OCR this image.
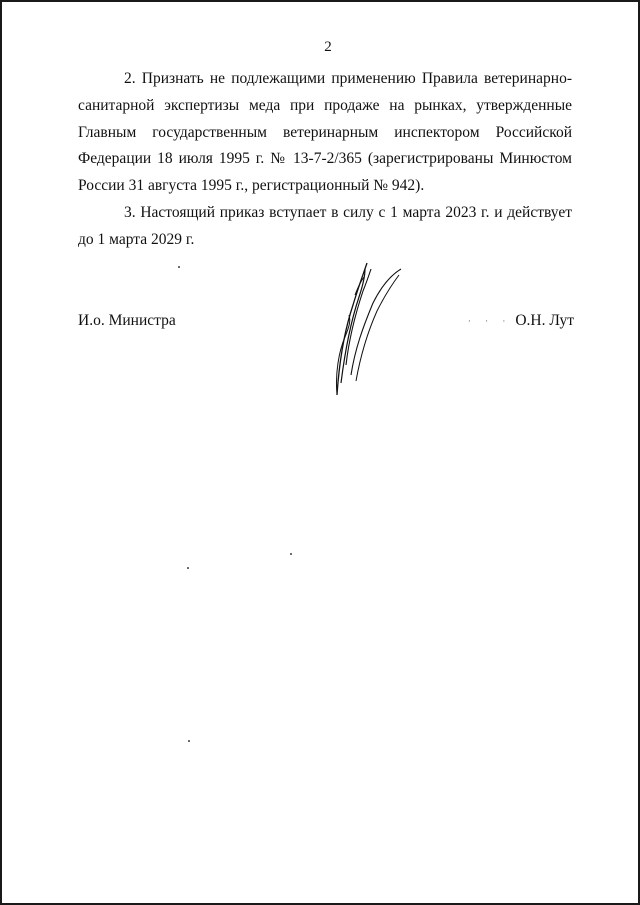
2

2. Признать не подлежащими применению Правила ветеринарно-санитарной экспертизы меда при продаже на рынках, утвержденные Главным государственным ветеринарным инспектором Российской Федерации 18 июля 1995 г. № 13-7-2/365 (зарегистрированы Минюстом России 31 августа 1995 г., регистрационный № 942).

3. Настоящий приказ вступает в силу с 1 марта 2023 г. и действует до 1 марта 2029 г.

И.о. Министра	· · · О.Н. Лут
